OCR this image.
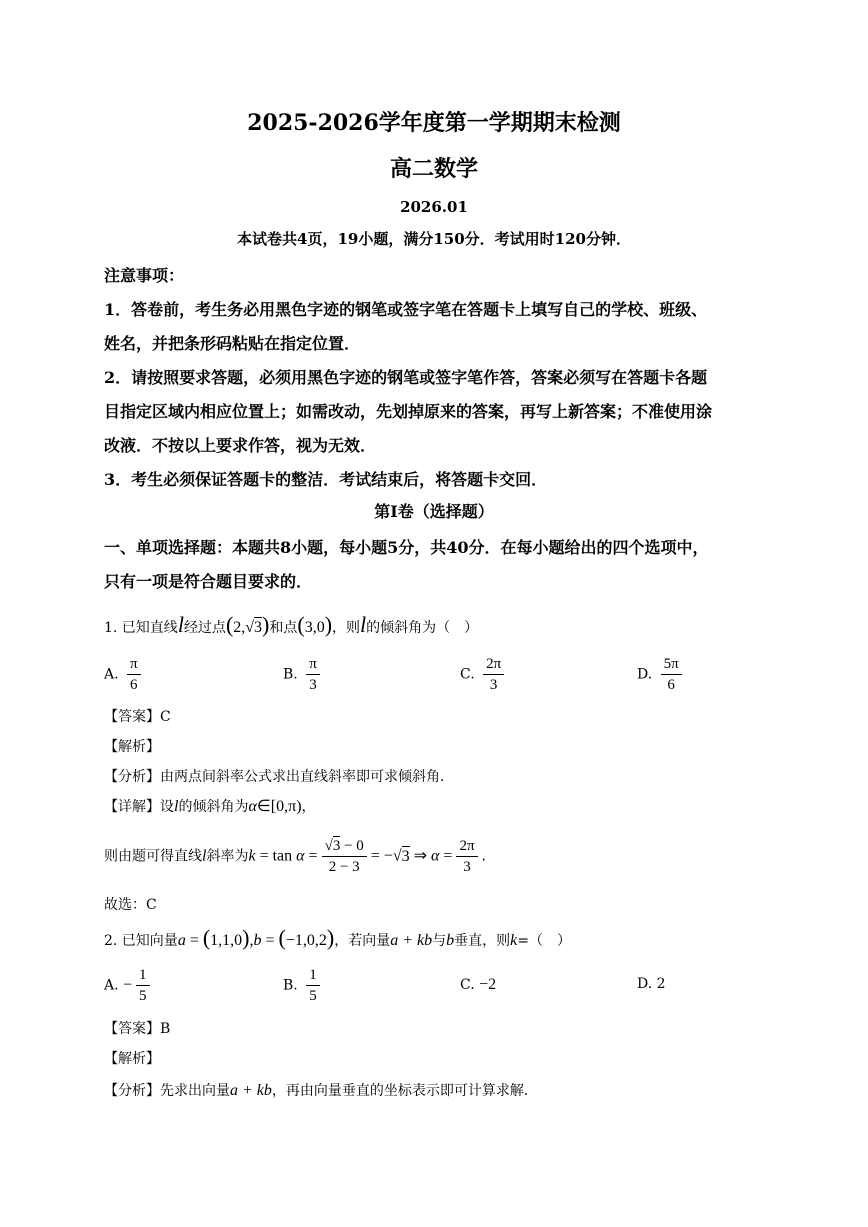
2025-2026学年度第一学期期末检测
高二数学
2026.01
本试卷共4页，19小题，满分150分．考试用时120分钟．
注意事项：
1．答卷前，考生务必用黑色字迹的钢笔或签字笔在答题卡上填写自己的学校、班级、
姓名，并把条形码粘贴在指定位置．
2．请按照要求答题，必须用黑色字迹的钢笔或签字笔作答，答案必须写在答题卡各题
目指定区域内相应位置上；如需改动，先划掉原来的答案，再写上新答案；不准使用涂
改液．不按以上要求作答，视为无效．
3．考生必须保证答题卡的整洁．考试结束后，将答题卡交回．
第Ⅰ卷（选择题）
一、单项选择题：本题共8小题，每小题5分，共40分．在每小题给出的四个选项中，
只有一项是符合题目要求的．
1. 已知直线l经过点(2,√3)和点(3,0)，则l的倾斜角为（　）
A. $\frac{\pi}{6}$	B. $\frac{\pi}{3}$	C. $\frac{2\pi}{3}$	D. $\frac{5\pi}{6}$
【答案】C
【解析】
【分析】由两点间斜率公式求出直线斜率即可求倾斜角．
【详解】设l的倾斜角为α∈[0,π)，
则由题可得直线l斜率为$k = \tan \alpha = \frac{√3 - 0}{2 - 3} = -√3$ ⇒ $\alpha = \frac{2\pi}{3}$ ．
故选：C
2. 已知向量a = (1,1,0),b = (−1,0,2)，若向量a + kb与b垂直，则k=（　）
A. − $\frac{1}{5}$	B. $\frac{1}{5}$	C. −2	D. 2
【答案】B
【解析】
【分析】先求出向量a + kb，再由向量垂直的坐标表示即可计算求解．
